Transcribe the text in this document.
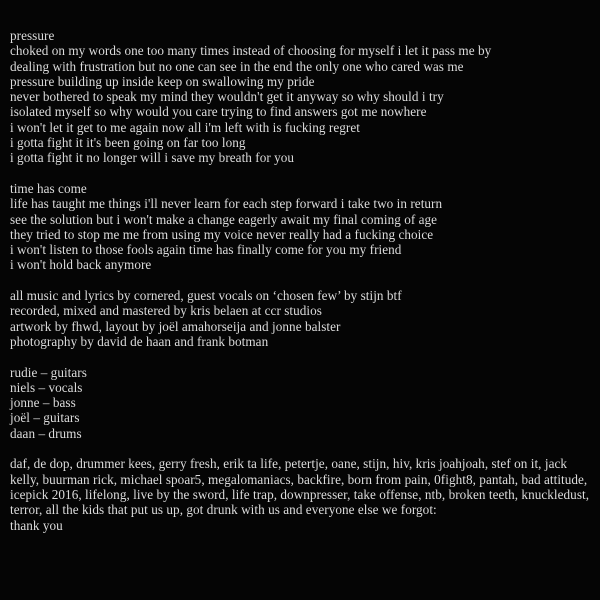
pressure
choked on my words one too many times instead of choosing for myself i let it pass me by
dealing with frustration but no one can see in the end the only one who cared was me
pressure building up inside keep on swallowing my pride
never bothered to speak my mind they wouldn't get it anyway so why should i try
isolated myself so why would you care trying to find answers got me nowhere
i won't let it get to me again now all i'm left with is fucking regret
i gotta fight it it's been going on far too long
i gotta fight it no longer will i save my breath for you
time has come
life has taught me things i'll never learn for each step forward i take two in return
see the solution but i won't make a change eagerly await my final coming of age
they tried to stop me me from using my voice never really had a fucking choice
i won't listen to those fools again time has finally come for you my friend
i won't hold back anymore
all music and lyrics by cornered, guest vocals on ‘chosen few’ by stijn btf
recorded, mixed and mastered by kris belaen at ccr studios
artwork by fhwd, layout by joël amahorseija and jonne balster
photography by david de haan and frank botman
rudie – guitars
niels – vocals
jonne – bass
joël – guitars
daan – drums
daf, de dop, drummer kees, gerry fresh, erik ta life, petertje, oane, stijn, hiv, kris joahjoah, stef on it, jack kelly, buurman rick, michael spoar5, megalomaniacs, backfire, born from pain, 0fight8, pantah, bad attitude, icepick 2016, lifelong, live by the sword, life trap, downpresser, take offense, ntb, broken teeth, knuckledust, terror, all the kids that put us up, got drunk with us and everyone else we forgot:
thank you
